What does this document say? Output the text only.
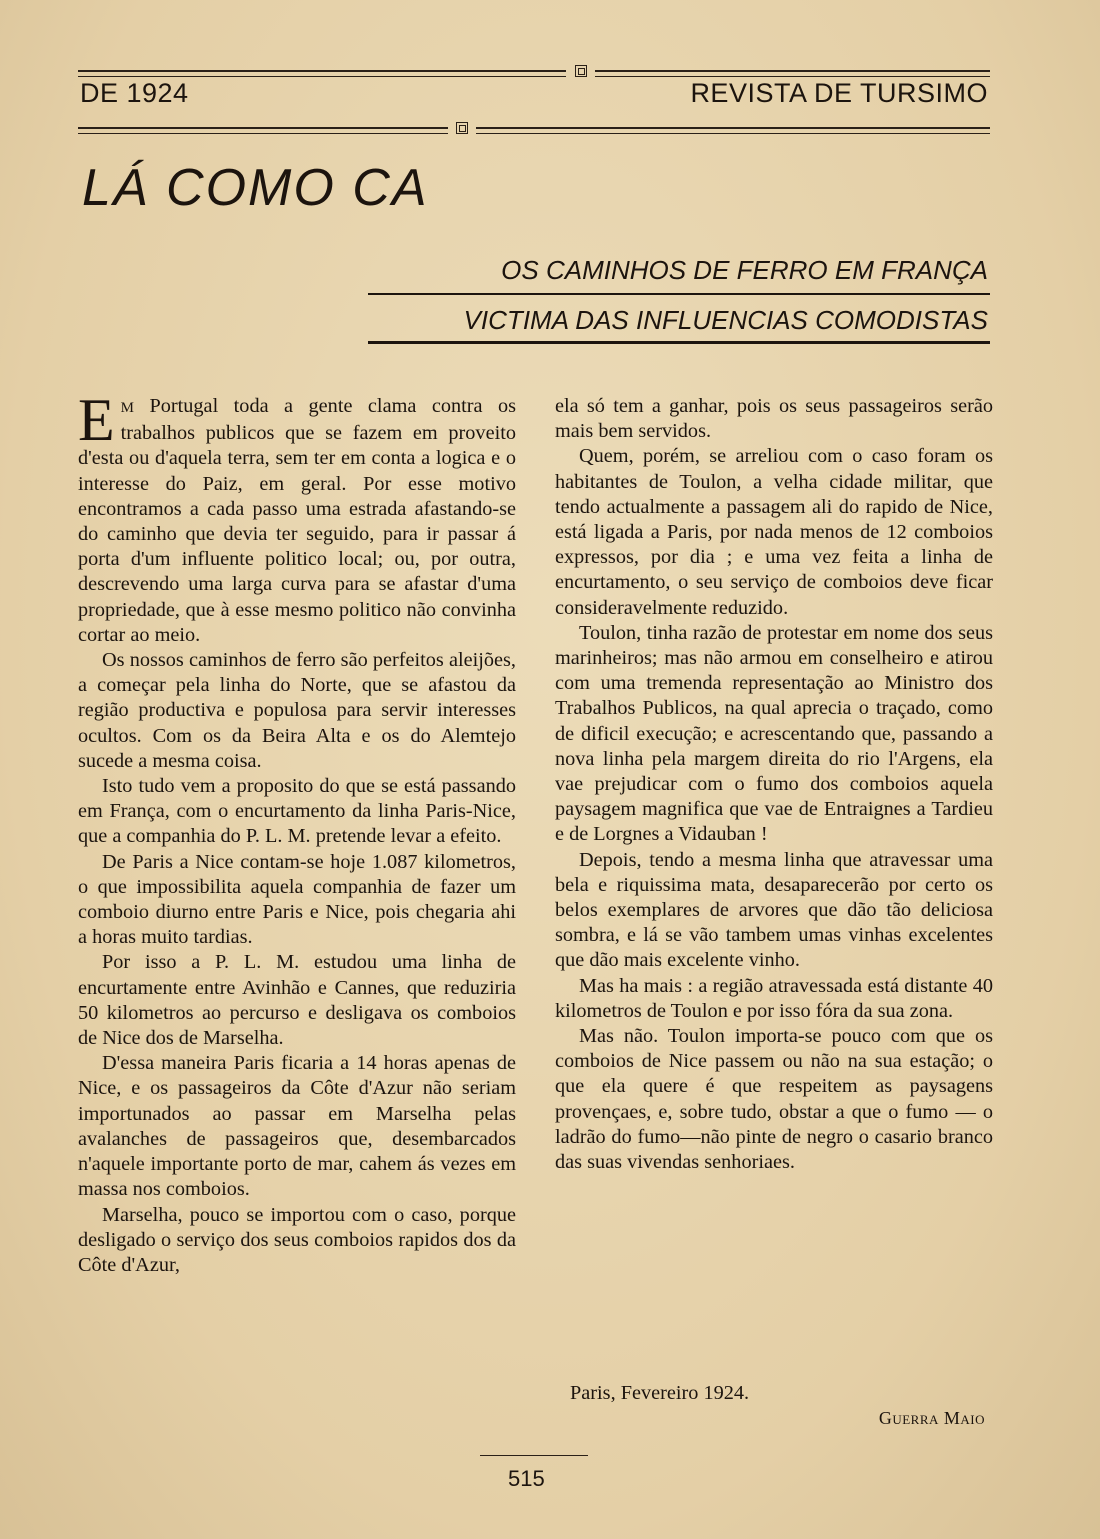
DE 1924	REVISTA DE TURSIMO
LÁ COMO CA
OS CAMINHOS DE FERRO EM FRANÇA
VICTIMA DAS INFLUENCIAS COMODISTAS

E M Portugal toda a gente clama contra os trabalhos publicos que se fazem em proveito d'esta ou d'aquela terra, sem ter em conta a logica e o interesse do Paiz, em geral. Por esse motivo encontramos a cada passo uma estrada afastando-se do caminho que devia ter seguido, para ir passar á porta d'um influente politico local; ou, por outra, descrevendo uma larga curva para se afastar d'uma propriedade, que à esse mesmo politico não convinha cortar ao meio.

Os nossos caminhos de ferro são perfeitos aleijões, a começar pela linha do Norte, que se afastou da região productiva e populosa para servir interesses ocultos. Com os da Beira Alta e os do Alemtejo sucede a mesma coisa.

Isto tudo vem a proposito do que se está passando em França, com o encurtamento da linha Paris-Nice, que a companhia do P. L. M. pretende levar a efeito.

De Paris a Nice contam-se hoje 1.087 kilometros, o que impossibilita aquela companhia de fazer um comboio diurno entre Paris e Nice, pois chegaria ahi a horas muito tardias.

Por isso a P. L. M. estudou uma linha de encurtamente entre Avinhão e Cannes, que reduziria 50 kilometros ao percurso e desligava os comboios de Nice dos de Marselha.

D'essa maneira Paris ficaria a 14 horas apenas de Nice, e os passageiros da Côte d'Azur não seriam importunados ao passar em Marselha pelas avalanches de passageiros que, desembarcados n'aquele importante porto de mar, cahem ás vezes em massa nos comboios.

Marselha, pouco se importou com o caso, porque desligado o serviço dos seus comboios rapidos dos da Côte d'Azur,

ela só tem a ganhar, pois os seus passageiros serão mais bem servidos.

Quem, porém, se arreliou com o caso foram os habitantes de Toulon, a velha cidade militar, que tendo actualmente a passagem ali do rapido de Nice, está ligada a Paris, por nada menos de 12 comboios expressos, por dia ; e uma vez feita a linha de encurtamento, o seu serviço de comboios deve ficar consideravelmente reduzido.

Toulon, tinha razão de protestar em nome dos seus marinheiros; mas não armou em conselheiro e atirou com uma tremenda representação ao Ministro dos Trabalhos Publicos, na qual aprecia o traçado, como de dificil execução; e acrescentando que, passando a nova linha pela margem direita do rio l'Argens, ela vae prejudicar com o fumo dos comboios aquela paysagem magnifica que vae de Entraignes a Tardieu e de Lorgnes a Vidauban !

Depois, tendo a mesma linha que atravessar uma bela e riquissima mata, desaparecerão por certo os belos exemplares de arvores que dão tão deliciosa sombra, e lá se vão tambem umas vinhas excelentes que dão mais excelente vinho.

Mas ha mais : a região atravessada está distante 40 kilometros de Toulon e por isso fóra da sua zona.

Mas não. Toulon importa-se pouco com que os comboios de Nice passem ou não na sua estação; o que ela quere é que respeitem as paysagens provençaes, e, sobre tudo, obstar a que o fumo — o ladrão do fumo—não pinte de negro o casario branco das suas vivendas senhoriaes.

Paris, Fevereiro 1924.
Guerra Maio
515
